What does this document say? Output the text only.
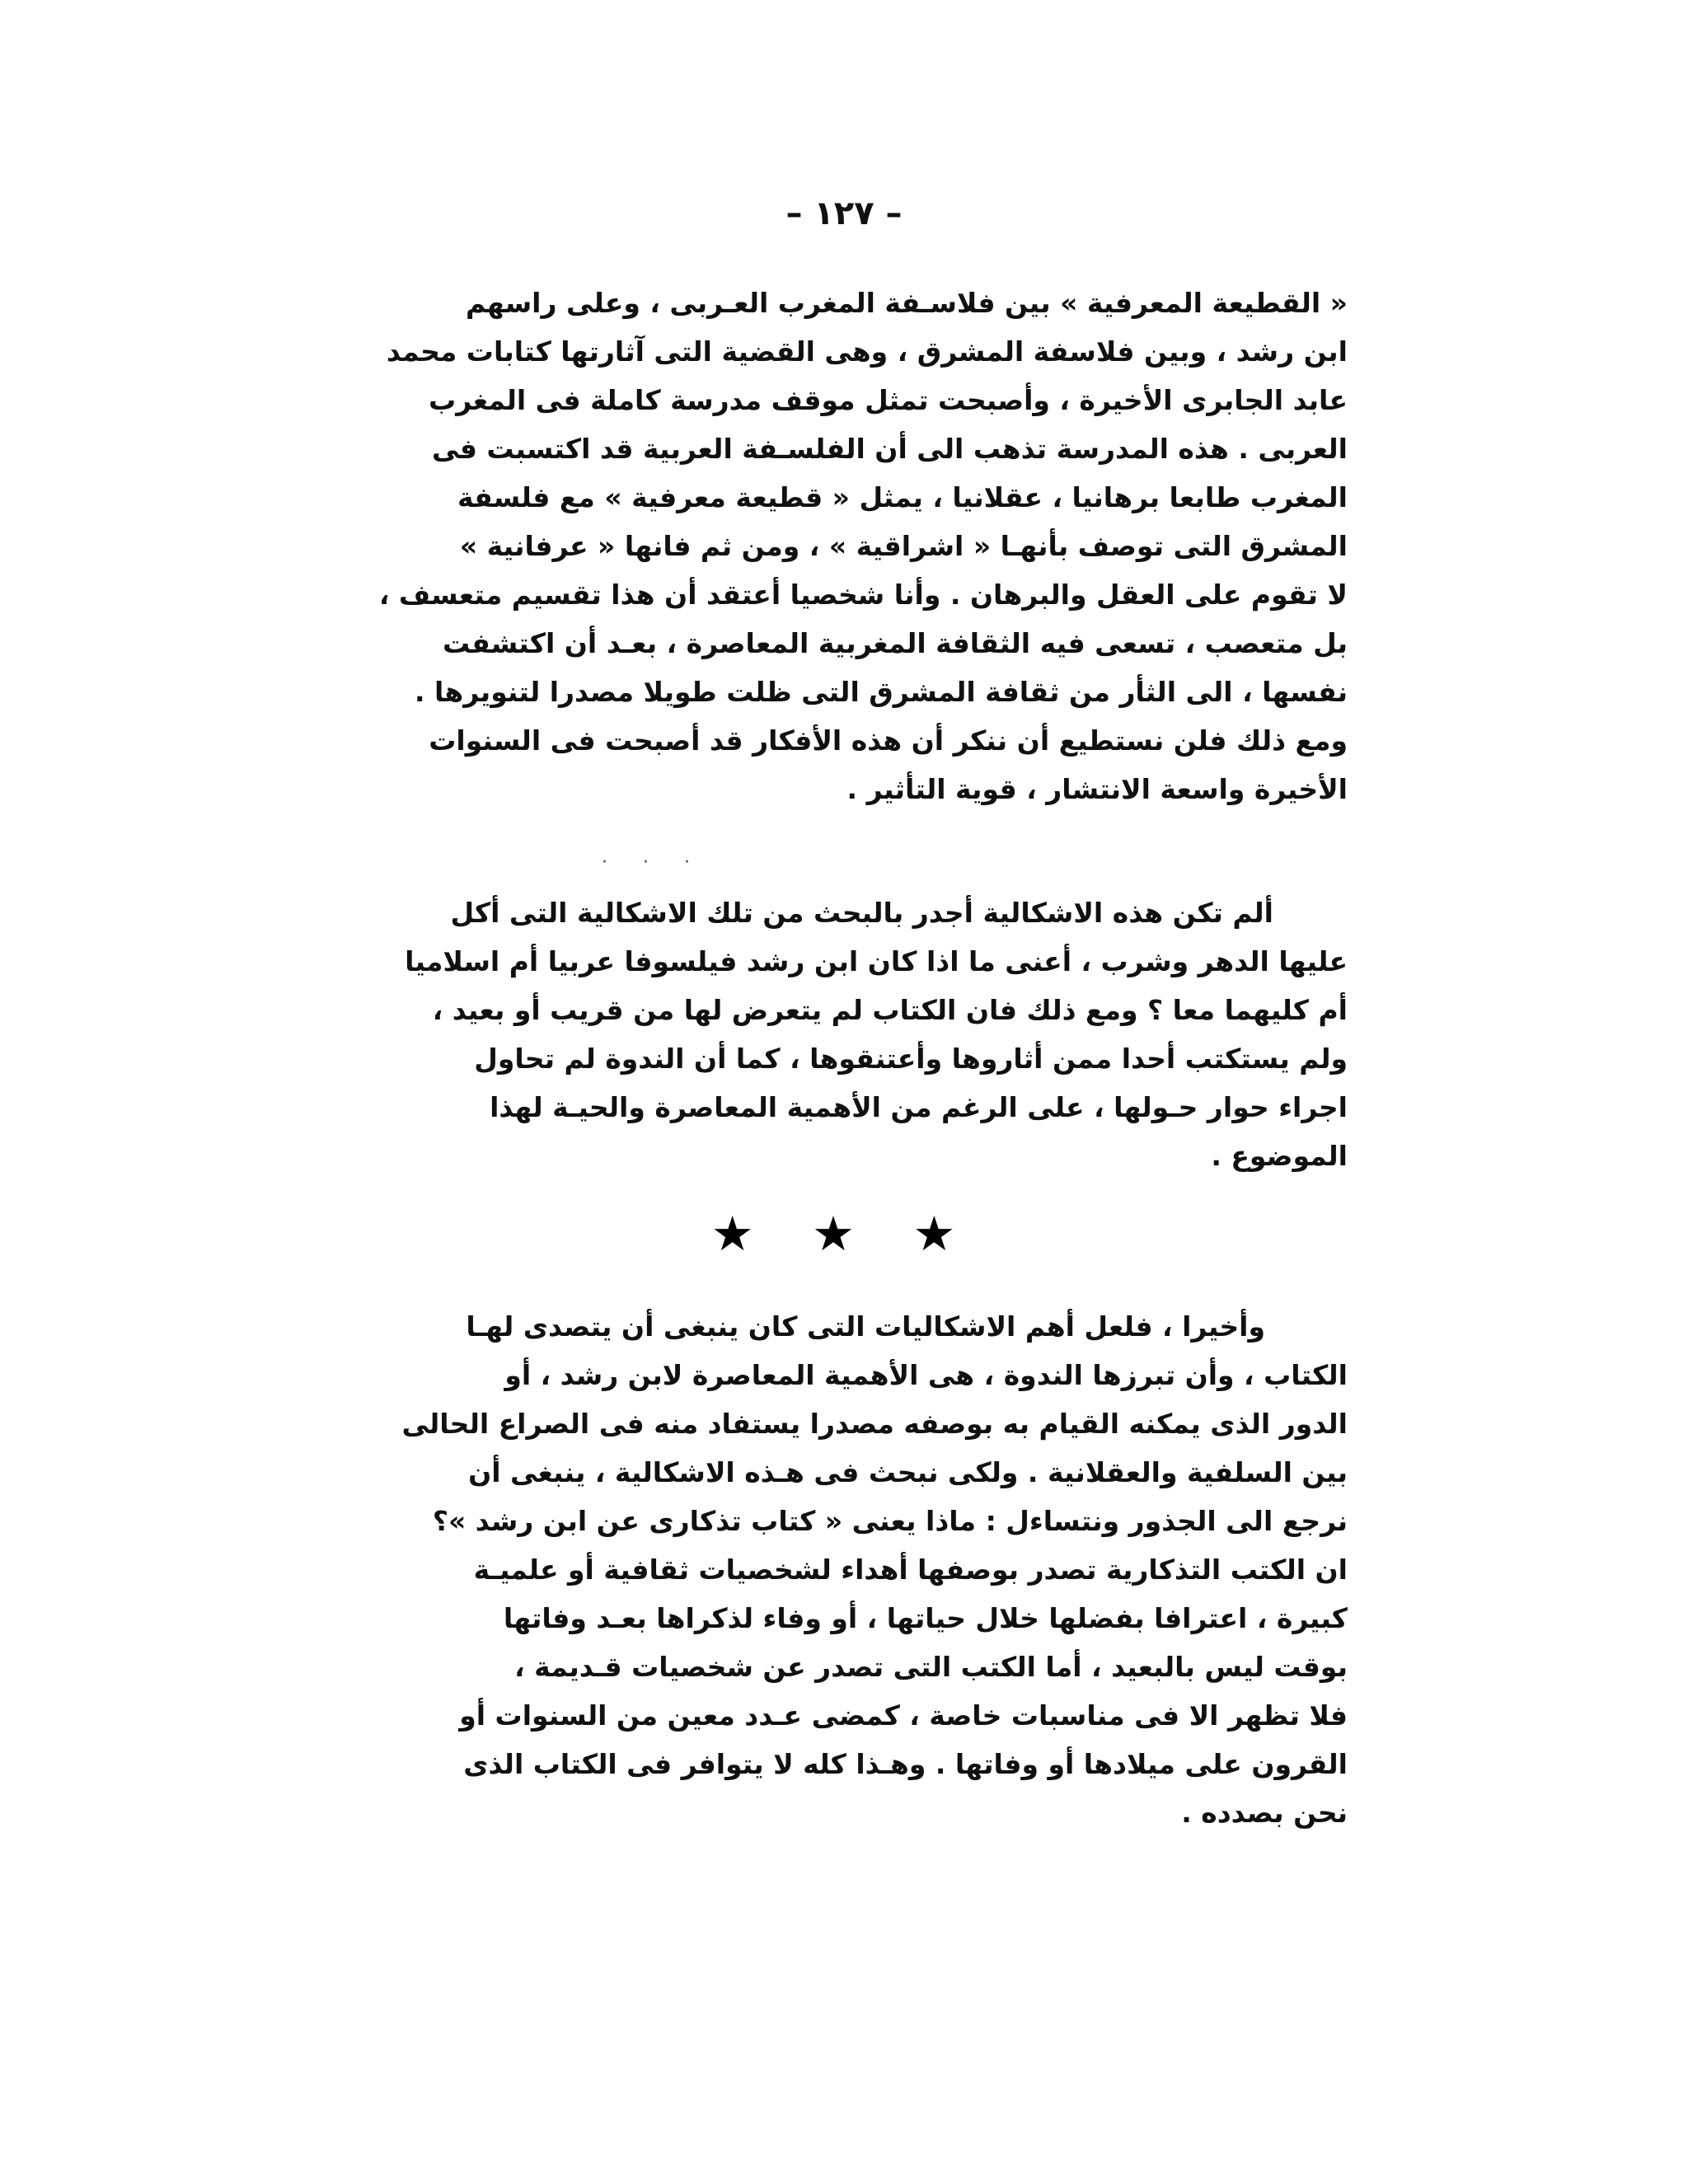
– ١٢٧ –
« القطيعة المعرفية » بين فلاسـفة المغرب العـربى ، وعلى راسهم
ابن رشد ، وبين فلاسفة المشرق ، وهى القضية التى آثارتها كتابات محمد
عابد الجابرى الأخيرة ، وأصبحت تمثل موقف مدرسة كاملة فى المغرب
العربى . هذه المدرسة تذهب الى أن الفلسـفة العربية قد اكتسبت فى
المغرب طابعا برهانيا ، عقلانيا ، يمثل « قطيعة معرفية » مع فلسفة
المشرق التى توصف بأنهـا « اشراقية » ، ومن ثم فانها « عرفانية »
لا تقوم على العقل والبرهان . وأنا شخصيا أعتقد أن هذا تقسيم متعسف ،
بل متعصب ، تسعى فيه الثقافة المغربية المعاصرة ، بعـد أن اكتشفت
نفسها ، الى الثأر من ثقافة المشرق التى ظلت طويلا مصدرا لتنويرها .
ومع ذلك فلن نستطيع أن ننكر أن هذه الأفكار قد أصبحت فى السنوات
الأخيرة واسعة الانتشار ، قوية التأثير .
· · ·
ألم تكن هذه الاشكالية أجدر بالبحث من تلك الاشكالية التى أكل
عليها الدهر وشرب ، أعنى ما اذا كان ابن رشد فيلسوفا عربيا أم اسلاميا
أم كليهما معا ؟ ومع ذلك فان الكتاب لم يتعرض لها من قريب أو بعيد ،
ولم يستكتب أحدا ممن أثاروها وأعتنقوها ، كما أن الندوة لم تحاول
اجراء حوار حـولها ، على الرغم من الأهمية المعاصرة والحيـة لهذا
الموضوع .
★ ★ ★
وأخيرا ، فلعل أهم الاشكاليات التى كان ينبغى أن يتصدى لهـا
الكتاب ، وأن تبرزها الندوة ، هى الأهمية المعاصرة لابن رشد ، أو
الدور الذى يمكنه القيام به بوصفه مصدرا يستفاد منه فى الصراع الحالى
بين السلفية والعقلانية . ولكى نبحث فى هـذه الاشكالية ، ينبغى أن
نرجع الى الجذور ونتساءل : ماذا يعنى « كتاب تذكارى عن ابن رشد »؟
ان الكتب التذكارية تصدر بوصفها أهداء لشخصيات ثقافية أو علميـة
كبيرة ، اعترافا بفضلها خلال حياتها ، أو وفاء لذكراها بعـد وفاتها
بوقت ليس بالبعيد ، أما الكتب التى تصدر عن شخصيات قـديمة ،
فلا تظهر الا فى مناسبات خاصة ، كمضى عـدد معين من السنوات أو
القرون على ميلادها أو وفاتها . وهـذا كله لا يتوافر فى الكتاب الذى
نحن بصدده .
